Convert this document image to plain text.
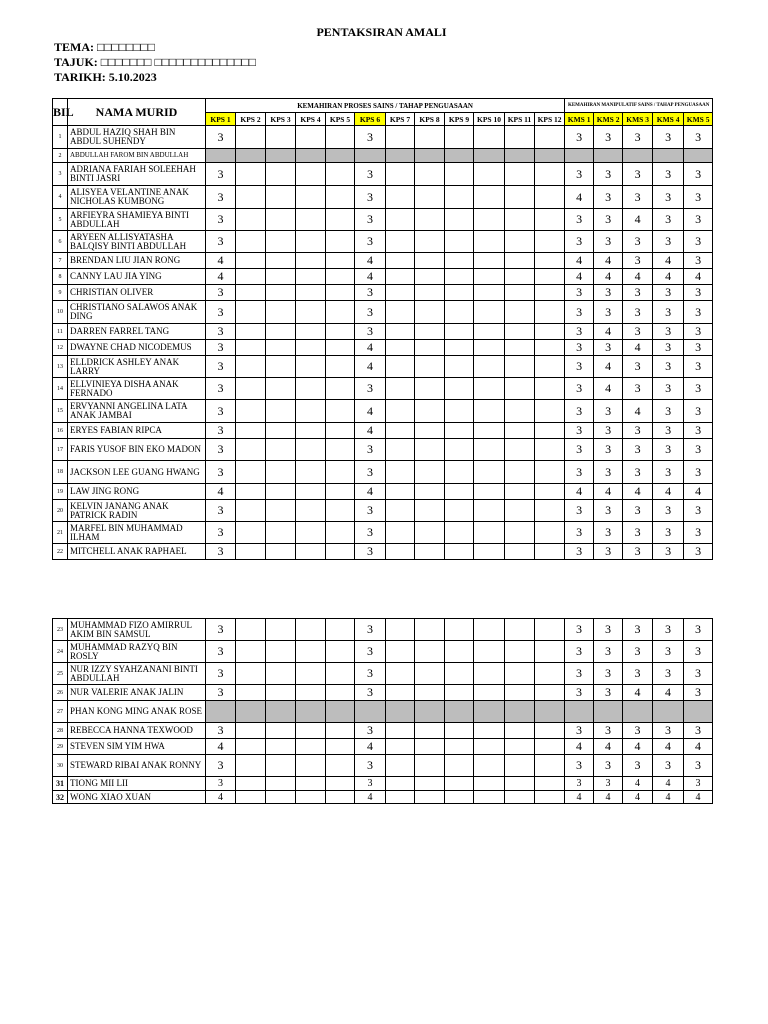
PENTAKSIRAN AMALI
TEMA: □□□□□□□□
TAJUK: □□□□□□□ □□□□□□□□□□□□□□
TARIKH: 5.10.2023
BIL	NAMA MURID	KEMAHIRAN PROSES SAINS / TAHAP PENGUASAAN												KEMAHIRAN MANIPULATIF SAINS / TAHAP PENGUASAAN				
		KPS 1	KPS 2	KPS 3	KPS 4	KPS 5	KPS 6	KPS 7	KPS 8	KPS 9	KPS 10	KPS 11	KPS 12	KMS 1	KMS 2	KMS 3	KMS 4	KMS 5
1	ABDUL HAZIQ SHAH BIN ABDUL SUHENDY	3					3							3	3	3	3	3
2	ABDULLAH FAROM BIN ABDULLAH																	
3	ADRIANA FARIAH SOLEEHAH BINTI JASRI	3					3							3	3	3	3	3
4	ALISYEA VELANTINE ANAK NICHOLAS KUMBONG	3					3							4	3	3	3	3
5	ARFIEYRA SHAMIEYA BINTI ABDULLAH	3					3							3	3	4	3	3
6	ARYEEN ALLISYATASHA BALQISY BINTI ABDULLAH	3					3							3	3	3	3	3
7	BRENDAN LIU JIAN RONG	4					4							4	4	3	4	3
8	CANNY LAU JIA YING	4					4							4	4	4	4	4
9	CHRISTIAN OLIVER	3					3							3	3	3	3	3
10	CHRISTIANO SALAWOS ANAK DING	3					3							3	3	3	3	3
11	DARREN FARREL TANG	3					3							3	4	3	3	3
12	DWAYNE CHAD NICODEMUS	3					4							3	3	4	3	3
13	ELLDRICK ASHLEY ANAK LARRY	3					4							3	4	3	3	3
14	ELLVINIEYA DISHA ANAK FERNADO	3					3							3	4	3	3	3
15	ERVYANNI ANGELINA LATA ANAK JAMBAI	3					4							3	3	4	3	3
16	ERYES FABIAN RIPCA	3					4							3	3	3	3	3
17	FARIS YUSOF BIN EKO MADON	3					3							3	3	3	3	3
18	JACKSON LEE GUANG HWANG	3					3							3	3	3	3	3
19	LAW JING RONG	4					4							4	4	4	4	4
20	KELVIN JANANG ANAK PATRICK RADIN	3					3							3	3	3	3	3
21	MARFEL BIN MUHAMMAD ILHAM	3					3							3	3	3	3	3
22	MITCHELL ANAK RAPHAEL	3					3							3	3	3	3	3
23	MUHAMMAD FIZO AMIRRUL AKIM BIN SAMSUL	3					3							3	3	3	3	3
24	MUHAMMAD RAZYQ BIN ROSLY	3					3							3	3	3	3	3
25	NUR IZZY SYAHZANANI BINTI ABDULLAH	3					3							3	3	3	3	3
26	NUR VALERIE ANAK JALIN	3					3							3	3	4	4	3
27	PHAN KONG MING ANAK ROSE																	
28	REBECCA HANNA TEXWOOD	3					3							3	3	3	3	3
29	STEVEN SIM YIM HWA	4					4							4	4	4	4	4
30	STEWARD RIBAI ANAK RONNY	3					3							3	3	3	3	3
31	TIONG MII LII	3					3							3	3	4	4	3
32	WONG XIAO XUAN	4					4							4	4	4	4	4
